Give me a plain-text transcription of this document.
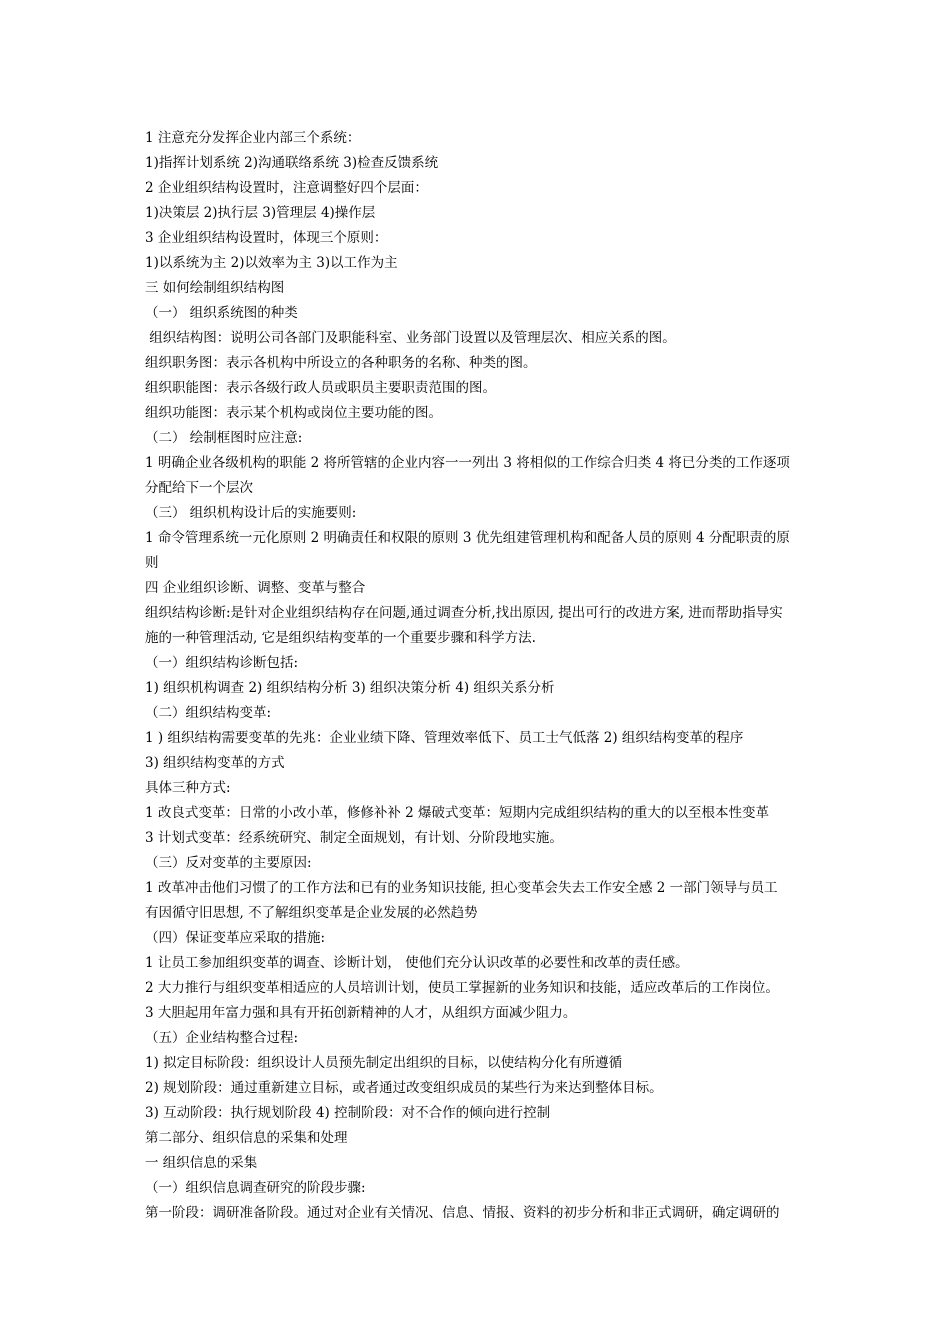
1 注意充分发挥企业内部三个系统：
1)指挥计划系统 2)沟通联络系统 3)检查反馈系统
2 企业组织结构设置时，注意调整好四个层面：
1)决策层 2)执行层 3)管理层 4)操作层
3 企业组织结构设置时，体现三个原则：
1)以系统为主 2)以效率为主 3)以工作为主
三 如何绘制组织结构图
（一） 组织系统图的种类
组织结构图：说明公司各部门及职能科室、业务部门设置以及管理层次、相应关系的图。
组织职务图：表示各机构中所设立的各种职务的名称、种类的图。
组织职能图：表示各级行政人员或职员主要职责范围的图。
组织功能图：表示某个机构或岗位主要功能的图。
（二） 绘制框图时应注意:
1 明确企业各级机构的职能 2 将所管辖的企业内容一一列出 3 将相似的工作综合归类 4 将已分类的工作逐项
分配给下一个层次
（三） 组织机构设计后的实施要则:
1 命令管理系统一元化原则 2 明确责任和权限的原则 3 优先组建管理机构和配备人员的原则 4 分配职责的原
则
四 企业组织诊断、调整、变革与整合
组织结构诊断:是针对企业组织结构存在问题,通过调查分析,找出原因, 提出可行的改进方案, 进而帮助指导实
施的一种管理活动, 它是组织结构变革的一个重要步骤和科学方法.
（一）组织结构诊断包括:
1) 组织机构调查 2) 组织结构分析 3) 组织决策分析 4) 组织关系分析
（二）组织结构变革:
1 ) 组织结构需要变革的先兆：企业业绩下降、管理效率低下、员工士气低落 2) 组织结构变革的程序
3) 组织结构变革的方式
具体三种方式:
1 改良式变革：日常的小改小革，修修补补 2 爆破式变革：短期内完成组织结构的重大的以至根本性变革
3 计划式变革：经系统研究、制定全面规划，有计划、分阶段地实施。
（三）反对变革的主要原因:
1 改革冲击他们习惯了的工作方法和已有的业务知识技能, 担心变革会失去工作安全感 2 一部门领导与员工
有因循守旧思想, 不了解组织变革是企业发展的必然趋势
（四）保证变革应采取的措施:
1 让员工参加组织变革的调查、诊断计划， 使他们充分认识改革的必要性和改革的责任感。
2 大力推行与组织变革相适应的人员培训计划，使员工掌握新的业务知识和技能，适应改革后的工作岗位。
3 大胆起用年富力强和具有开拓创新精神的人才，从组织方面减少阻力。
（五）企业结构整合过程:
1) 拟定目标阶段：组织设计人员预先制定出组织的目标，以使结构分化有所遵循
2) 规划阶段：通过重新建立目标，或者通过改变组织成员的某些行为来达到整体目标。
3) 互动阶段：执行规划阶段 4) 控制阶段：对不合作的倾向进行控制
第二部分、组织信息的采集和处理
一 组织信息的采集
（一）组织信息调查研究的阶段步骤:
第一阶段：调研准备阶段。通过对企业有关情况、信息、情报、资料的初步分析和非正式调研，确定调研的
